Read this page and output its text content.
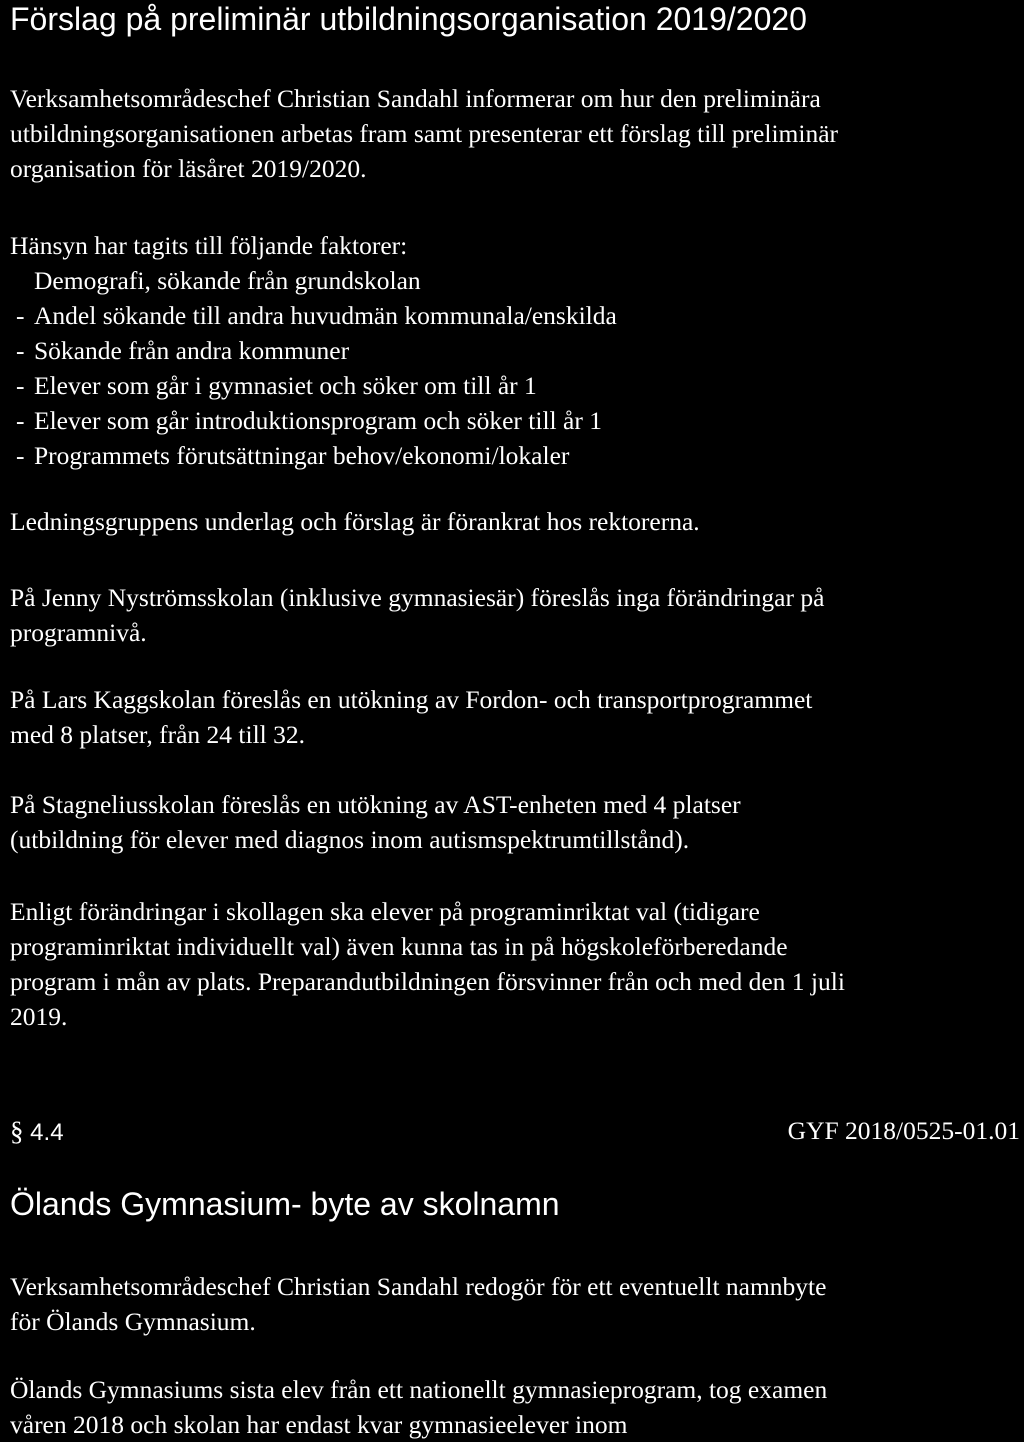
Förslag på preliminär utbildningsorganisation 2019/2020

Verksamhetsområdeschef Christian Sandahl informerar om hur den preliminära
utbildningsorganisationen arbetas fram samt presenterar ett förslag till preliminär
organisation för läsåret 2019/2020.

Hänsyn har tagits till följande faktorer:
Demografi, sökande från grundskolan
- Andel sökande till andra huvudmän kommunala/enskilda
- Sökande från andra kommuner
- Elever som går i gymnasiet och söker om till år 1
- Elever som går introduktionsprogram och söker till år 1
- Programmets förutsättningar behov/ekonomi/lokaler

Ledningsgruppens underlag och förslag är förankrat hos rektorerna.

På Jenny Nyströmsskolan (inklusive gymnasiesär) föreslås inga förändringar på
programnivå.

På Lars Kaggskolan föreslås en utökning av Fordon- och transportprogrammet
med 8 platser, från 24 till 32.

På Stagneliusskolan föreslås en utökning av AST-enheten med 4 platser
(utbildning för elever med diagnos inom autismspektrumtillstånd).

Enligt förändringar i skollagen ska elever på programinriktat val (tidigare
programinriktat individuellt val) även kunna tas in på högskoleförberedande
program i mån av plats. Preparandutbildningen försvinner från och med den 1 juli
2019.

§ 4.4	GYF 2018/0525-01.01
Ölands Gymnasium- byte av skolnamn

Verksamhetsområdeschef Christian Sandahl redogör för ett eventuellt namnbyte
för Ölands Gymnasium.

Ölands Gymnasiums sista elev från ett nationellt gymnasieprogram, tog examen
våren 2018 och skolan har endast kvar gymnasieelever inom
